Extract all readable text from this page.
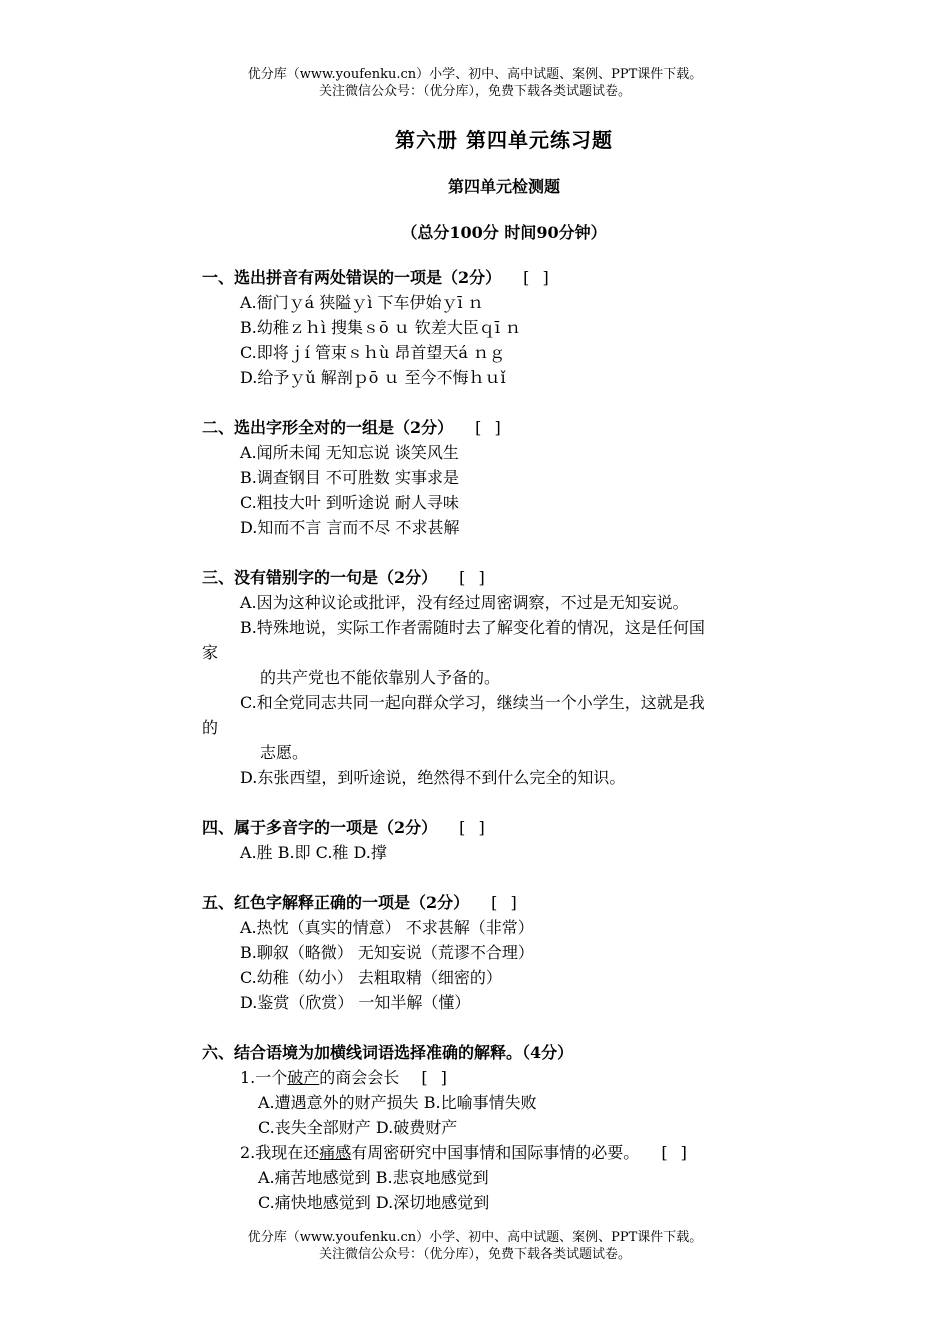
优分库（www.youfenku.cn）小学、初中、高中试题、案例、PPT课件下载。
关注微信公众号：（优分库），免费下载各类试题试卷。
第六册 第四单元练习题
第四单元检测题
（总分100分 时间90分钟）
一、选出拼音有两处错误的一项是（2分） [ ]
A.衙门ｙá 狭隘ｙì 下车伊始ｙī ｎ
B.幼稚ｚｈì 搜集ｓō ｕ 钦差大臣ｑī ｎ
C.即将ｊí 管束ｓｈù 昂首望天á ｎｇ
D.给予ｙǔ 解剖ｐō ｕ 至今不悔ｈｕǐ
二、选出字形全对的一组是（2分） [ ]
A.闻所未闻 无知忘说 谈笑风生
B.调查钢目 不可胜数 实事求是
C.粗技大叶 到听途说 耐人寻味
D.知而不言 言而不尽 不求甚解
三、没有错别字的一句是（2分） [ ]
A.因为这种议论或批评，没有经过周密调察，不过是无知妄说。
B.特殊地说，实际工作者需随时去了解变化着的情况，这是任何国
家
的共产党也不能依靠别人予备的。
C.和全党同志共同一起向群众学习，继续当一个小学生，这就是我
的
志愿。
D.东张西望，到听途说，绝然得不到什么完全的知识。
四、属于多音字的一项是（2分） [ ]
A.胜 B.即 C.稚 D.撑
五、红色字解释正确的一项是（2分） [ ]
A.热忱（真实的情意） 不求甚解（非常）
B.聊叙（略微） 无知妄说（荒谬不合理）
C.幼稚（幼小） 去粗取精（细密的）
D.鉴赏（欣赏） 一知半解（懂）
六、结合语境为加横线词语选择准确的解释。（4分）
1.一个破产的商会会长 [ ]
A.遭遇意外的财产损失 B.比喻事情失败
C.丧失全部财产 D.破费财产
2.我现在还痛感有周密研究中国事情和国际事情的必要。 [ ]
A.痛苦地感觉到 B.悲哀地感觉到
C.痛快地感觉到 D.深切地感觉到
优分库（www.youfenku.cn）小学、初中、高中试题、案例、PPT课件下载。
关注微信公众号：（优分库），免费下载各类试题试卷。
